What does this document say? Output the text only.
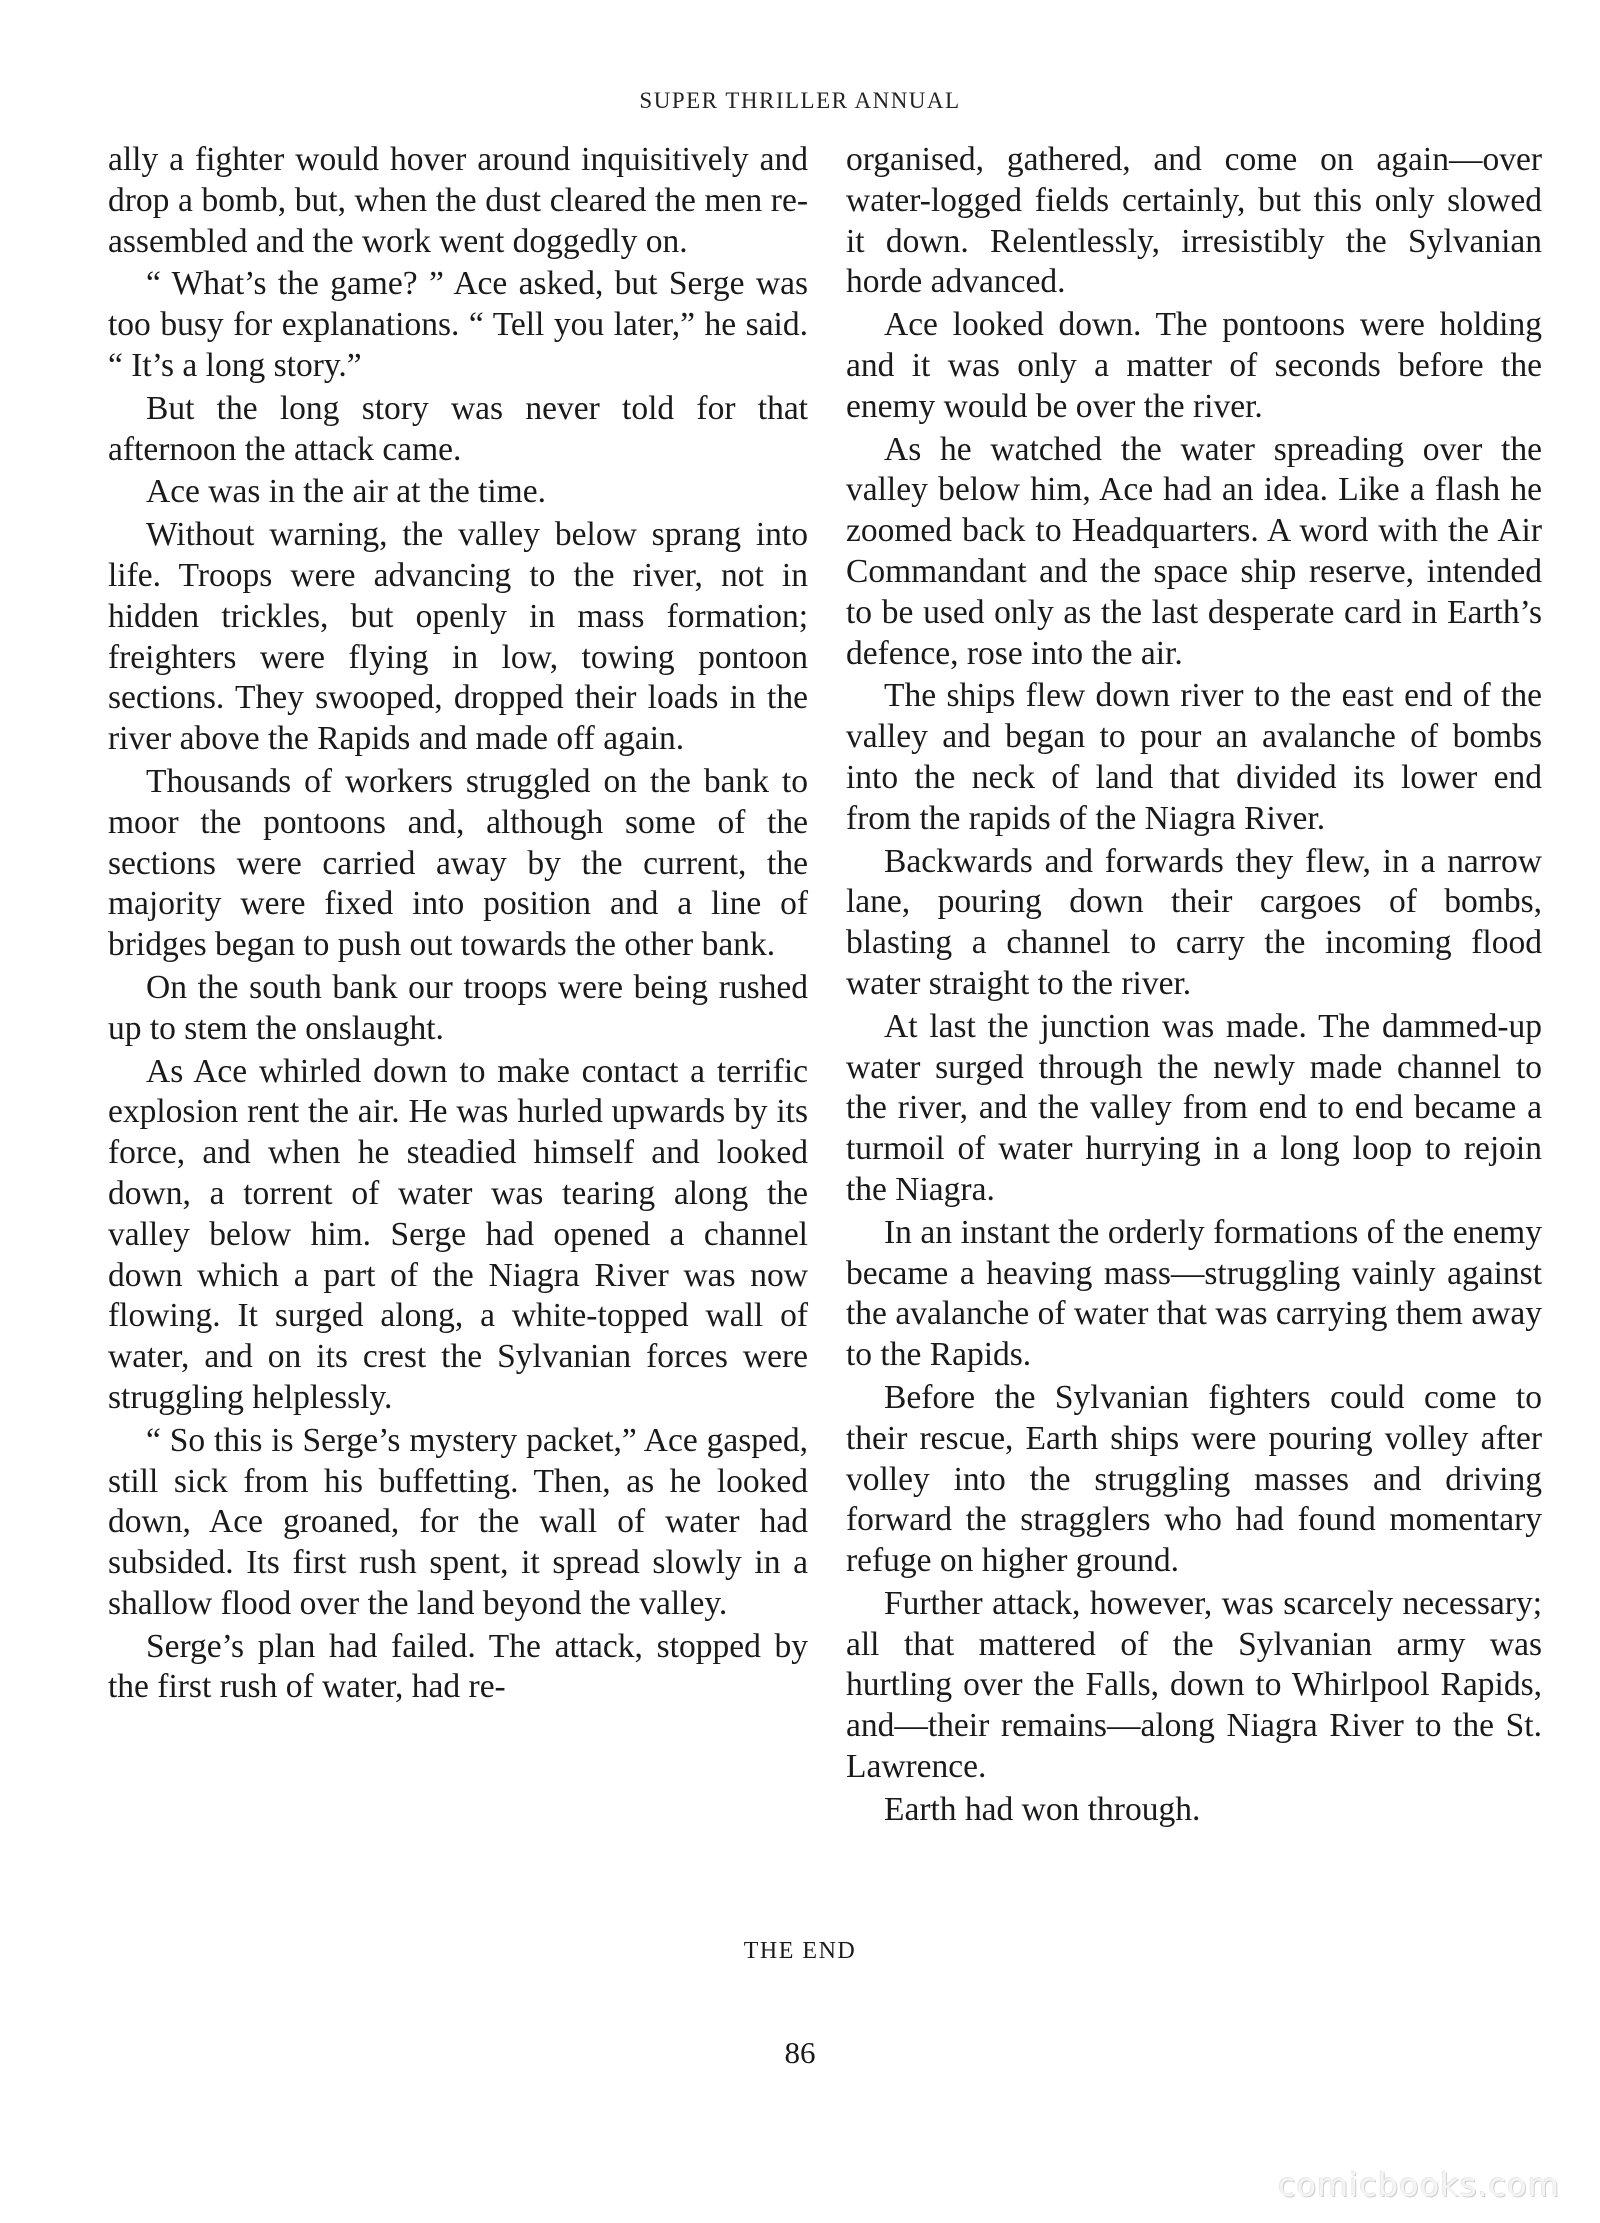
SUPER THRILLER ANNUAL

ally a fighter would hover around inquisitively and drop a bomb, but, when the dust cleared the men re-assembled and the work went doggedly on.

“ What’s the game? ” Ace asked, but Serge was too busy for explanations. “ Tell you later,” he said. “ It’s a long story.”

But the long story was never told for that afternoon the attack came.

Ace was in the air at the time.

Without warning, the valley below sprang into life. Troops were advancing to the river, not in hidden trickles, but openly in mass formation; freighters were flying in low, towing pontoon sections. They swooped, dropped their loads in the river above the Rapids and made off again.

Thousands of workers struggled on the bank to moor the pontoons and, although some of the sections were carried away by the current, the majority were fixed into position and a line of bridges began to push out towards the other bank.

On the south bank our troops were being rushed up to stem the onslaught.

As Ace whirled down to make contact a terrific explosion rent the air. He was hurled upwards by its force, and when he steadied himself and looked down, a torrent of water was tearing along the valley below him. Serge had opened a channel down which a part of the Niagra River was now flowing. It surged along, a white-topped wall of water, and on its crest the Sylvanian forces were struggling helplessly.

“ So this is Serge’s mystery packet,” Ace gasped, still sick from his buffetting. Then, as he looked down, Ace groaned, for the wall of water had subsided. Its first rush spent, it spread slowly in a shallow flood over the land beyond the valley.

Serge’s plan had failed. The attack, stopped by the first rush of water, had re-

organised, gathered, and come on again—over water-logged fields certainly, but this only slowed it down. Relentlessly, irresistibly the Sylvanian horde advanced.

Ace looked down. The pontoons were holding and it was only a matter of seconds before the enemy would be over the river.

As he watched the water spreading over the valley below him, Ace had an idea. Like a flash he zoomed back to Headquarters. A word with the Air Commandant and the space ship reserve, intended to be used only as the last desperate card in Earth’s defence, rose into the air.

The ships flew down river to the east end of the valley and began to pour an avalanche of bombs into the neck of land that divided its lower end from the rapids of the Niagra River.

Backwards and forwards they flew, in a narrow lane, pouring down their cargoes of bombs, blasting a channel to carry the incoming flood water straight to the river.

At last the junction was made. The dammed-up water surged through the newly made channel to the river, and the valley from end to end became a turmoil of water hurrying in a long loop to rejoin the Niagra.

In an instant the orderly formations of the enemy became a heaving mass—struggling vainly against the avalanche of water that was carrying them away to the Rapids.

Before the Sylvanian fighters could come to their rescue, Earth ships were pouring volley after volley into the struggling masses and driving forward the stragglers who had found momentary refuge on higher ground.

Further attack, however, was scarcely necessary; all that mattered of the Sylvanian army was hurtling over the Falls, down to Whirlpool Rapids, and—their remains—along Niagra River to the St. Lawrence.

Earth had won through.

THE END
86
comicbooks.com
